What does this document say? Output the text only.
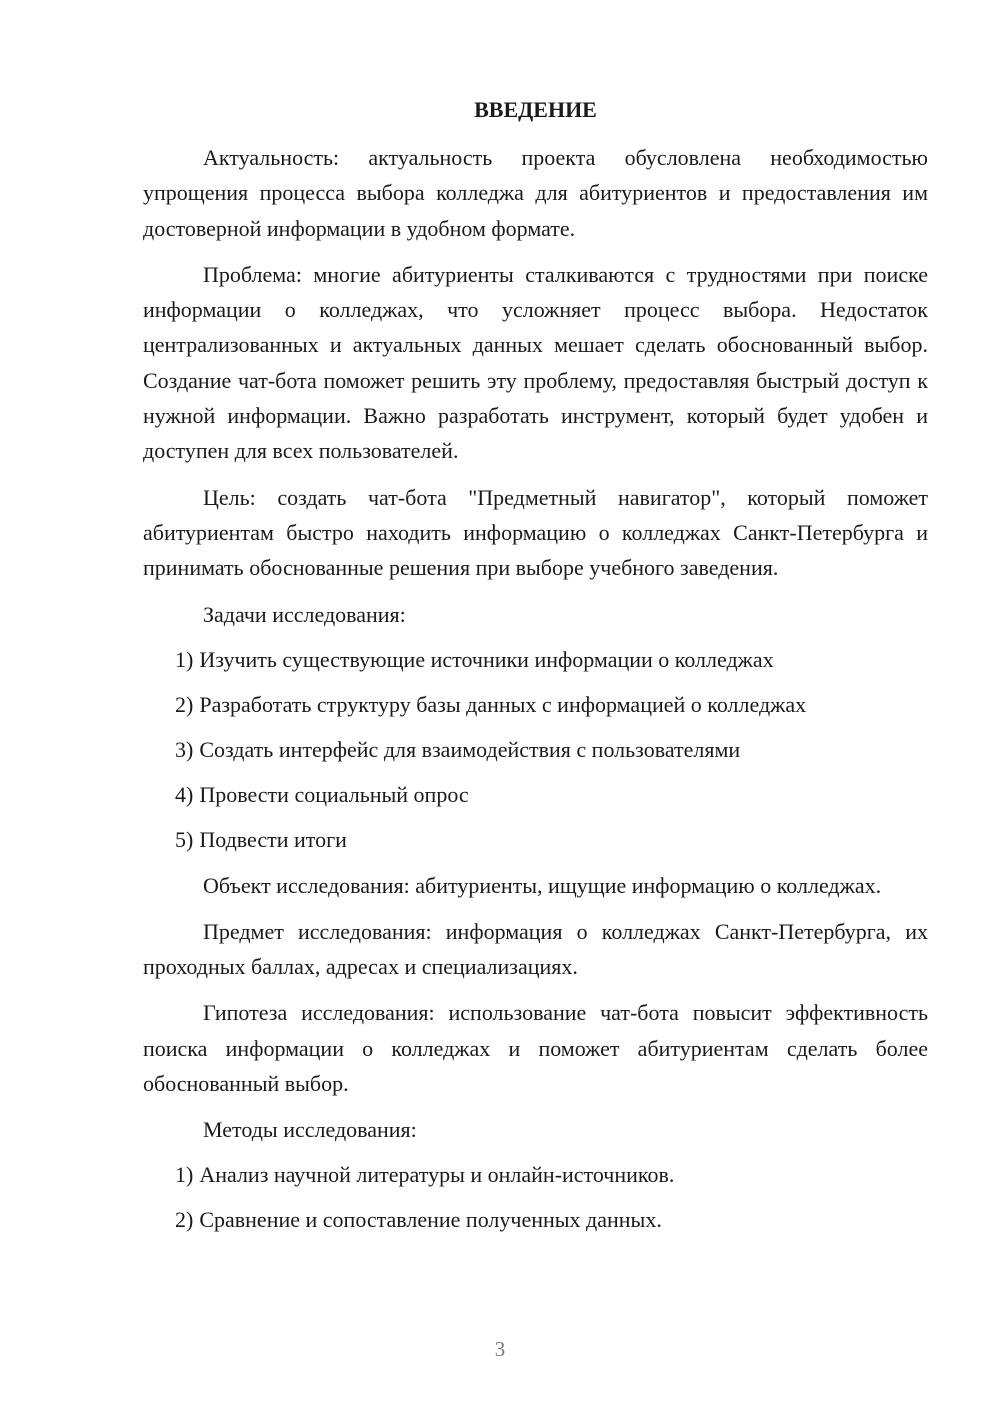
ВВЕДЕНИЕ

Актуальность: актуальность проекта обусловлена необходимостью упрощения процесса выбора колледжа для абитуриентов и предоставления им достоверной информации в удобном формате.

Проблема: многие абитуриенты сталкиваются с трудностями при поиске информации о колледжах, что усложняет процесс выбора. Недостаток централизованных и актуальных данных мешает сделать обоснованный выбор. Создание чат-бота поможет решить эту проблему, предоставляя быстрый доступ к нужной информации. Важно разработать инструмент, который будет удобен и доступен для всех пользователей.

Цель: создать чат-бота "Предметный навигатор", который поможет абитуриентам быстро находить информацию о колледжах Санкт-Петербурга и принимать обоснованные решения при выборе учебного заведения.

Задачи исследования:
1) Изучить существующие источники информации о колледжах
2) Разработать структуру базы данных с информацией о колледжах
3) Создать интерфейс для взаимодействия с пользователями
4) Провести социальный опрос
5) Подвести итоги

Объект исследования: абитуриенты, ищущие информацию о колледжах.

Предмет исследования: информация о колледжах Санкт-Петербурга, их проходных баллах, адресах и специализациях.

Гипотеза исследования: использование чат-бота повысит эффективность поиска информации о колледжах и поможет абитуриентам сделать более обоснованный выбор.

Методы исследования:
1) Анализ научной литературы и онлайн-источников.
2) Сравнение и сопоставление полученных данных.
3
